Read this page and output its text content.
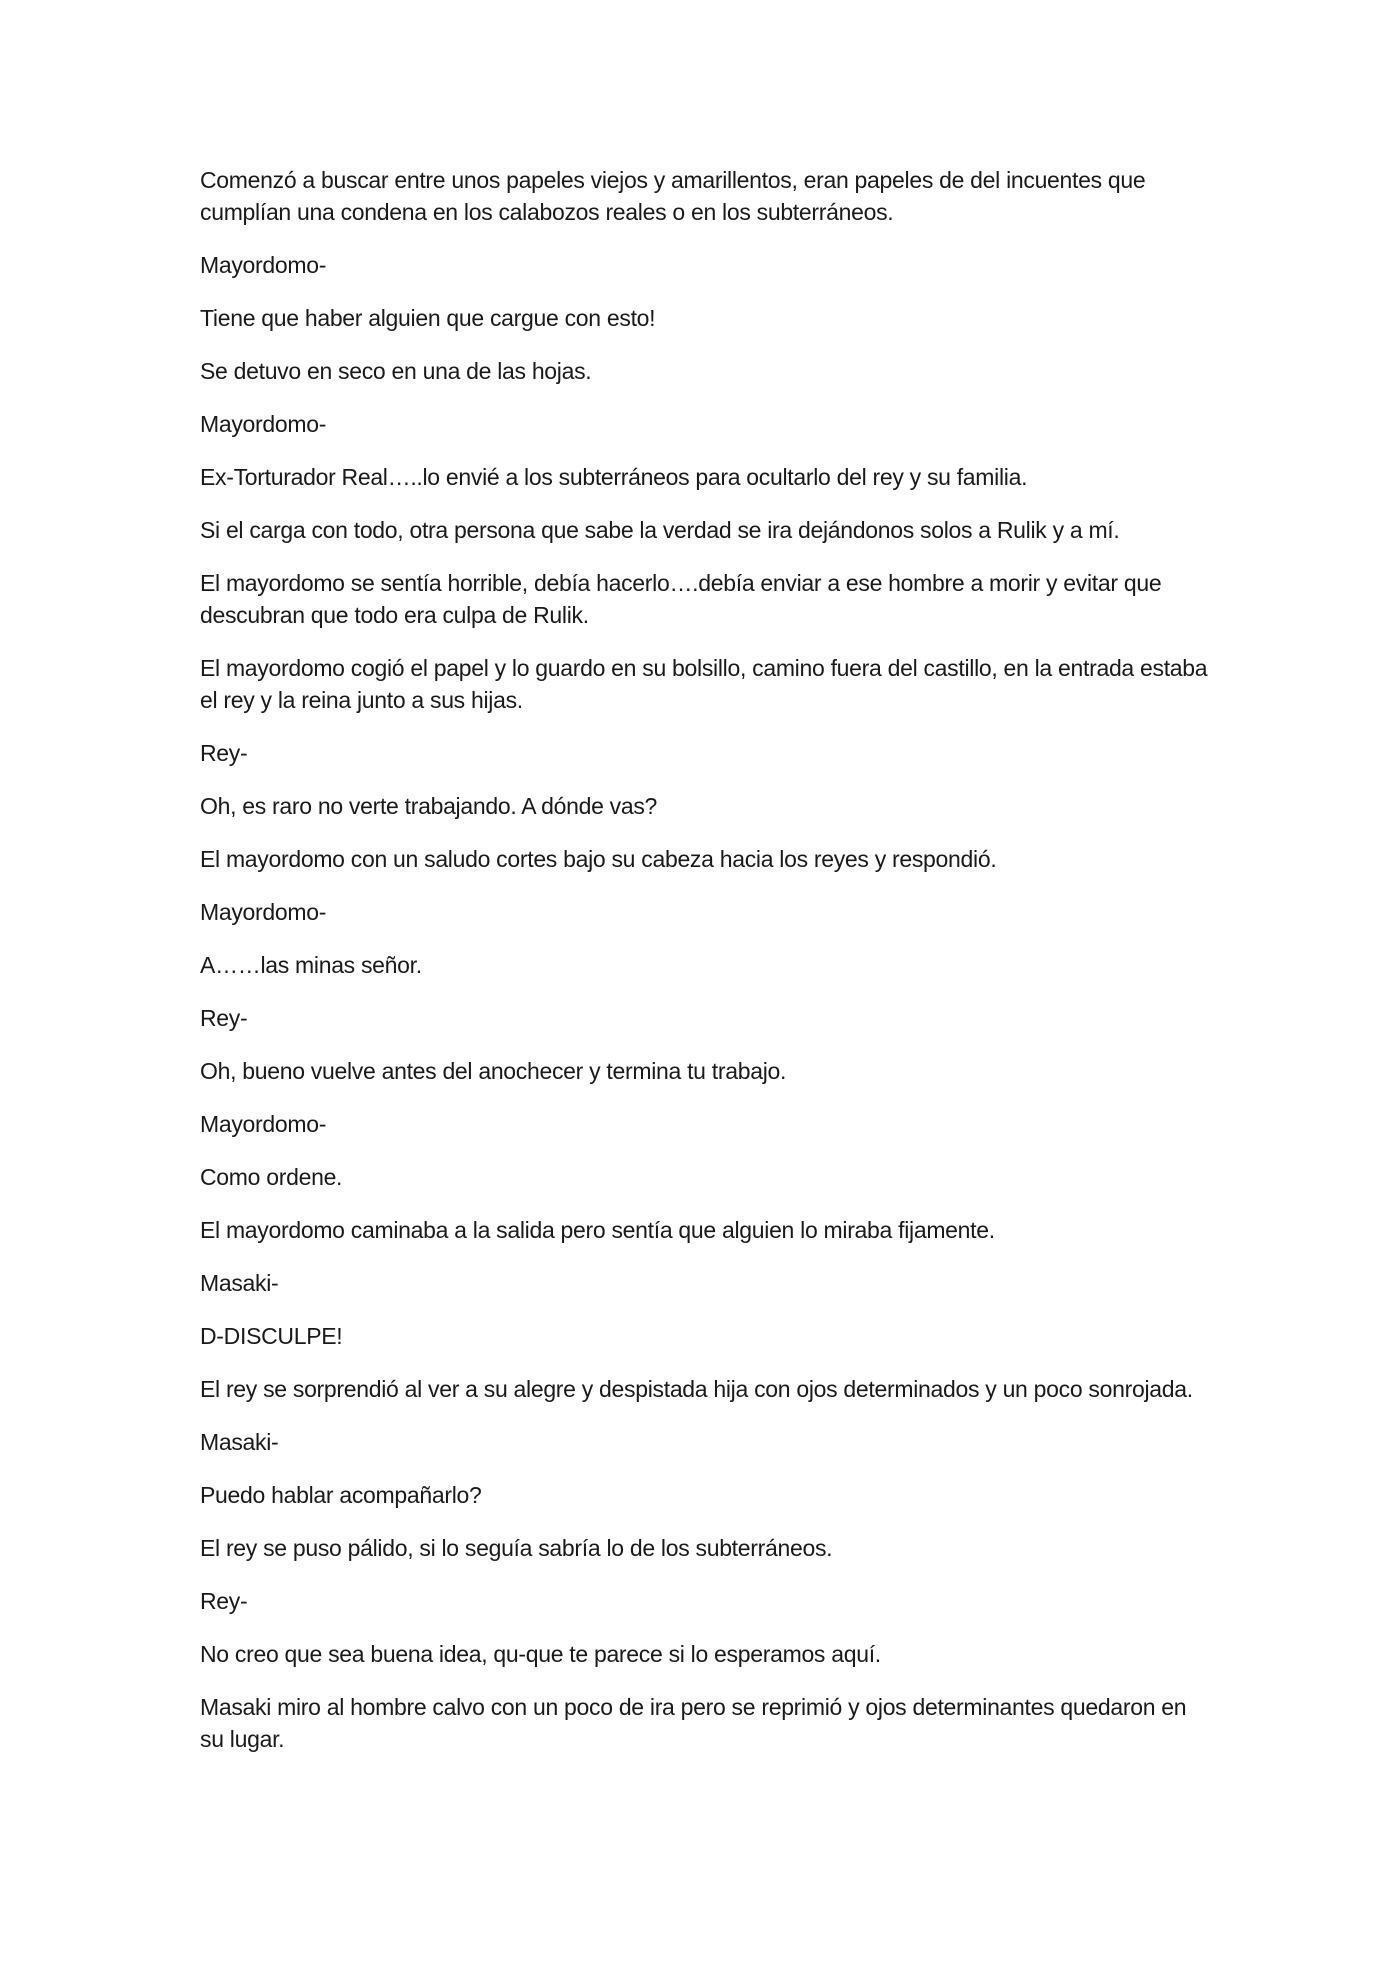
Comenzó a buscar entre unos papeles viejos y amarillentos, eran papeles de del incuentes que cumplían una condena en los calabozos reales o en los subterráneos.

Mayordomo-

Tiene que haber alguien que cargue con esto!

Se detuvo en seco en una de las hojas.

Mayordomo-

Ex-Torturador Real…..lo envié a los subterráneos para ocultarlo del rey y su familia.

Si el carga con todo, otra persona que sabe la verdad se ira dejándonos solos a Rulik y a mí.

El mayordomo se sentía horrible, debía hacerlo….debía enviar a ese hombre a morir y evitar que descubran que todo era culpa de Rulik.

El mayordomo cogió el papel y lo guardo en su bolsillo, camino fuera del castillo, en la entrada estaba el rey y la reina junto a sus hijas.

Rey-

Oh, es raro no verte trabajando. A dónde vas?

El mayordomo con un saludo cortes bajo su cabeza hacia los reyes y respondió.

Mayordomo-

A……las minas señor.

Rey-

Oh, bueno vuelve antes del anochecer y termina tu trabajo.

Mayordomo-

Como ordene.

El mayordomo caminaba a la salida pero sentía que alguien lo miraba fijamente.

Masaki-

D-DISCULPE!

El rey se sorprendió al ver a su alegre y despistada hija con ojos determinados y un poco sonrojada.

Masaki-

Puedo hablar acompañarlo?

El rey se puso pálido, si lo seguía sabría lo de los subterráneos.

Rey-

No creo que sea buena idea, qu-que te parece si lo esperamos aquí.

Masaki miro al hombre calvo con un poco de ira pero se reprimió y ojos determinantes quedaron en su lugar.
